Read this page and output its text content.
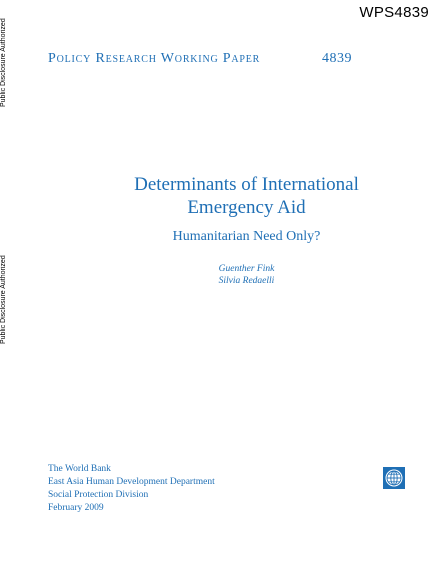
WPS4839
Public Disclosure Authorized
Public Disclosure Authorized
Policy Research Working Paper	4839
Determinants of International
Emergency Aid
Humanitarian Need Only?
Guenther Fink
Silvia Redaelli
The World Bank
East Asia Human Development Department
Social Protection Division
February 2009
